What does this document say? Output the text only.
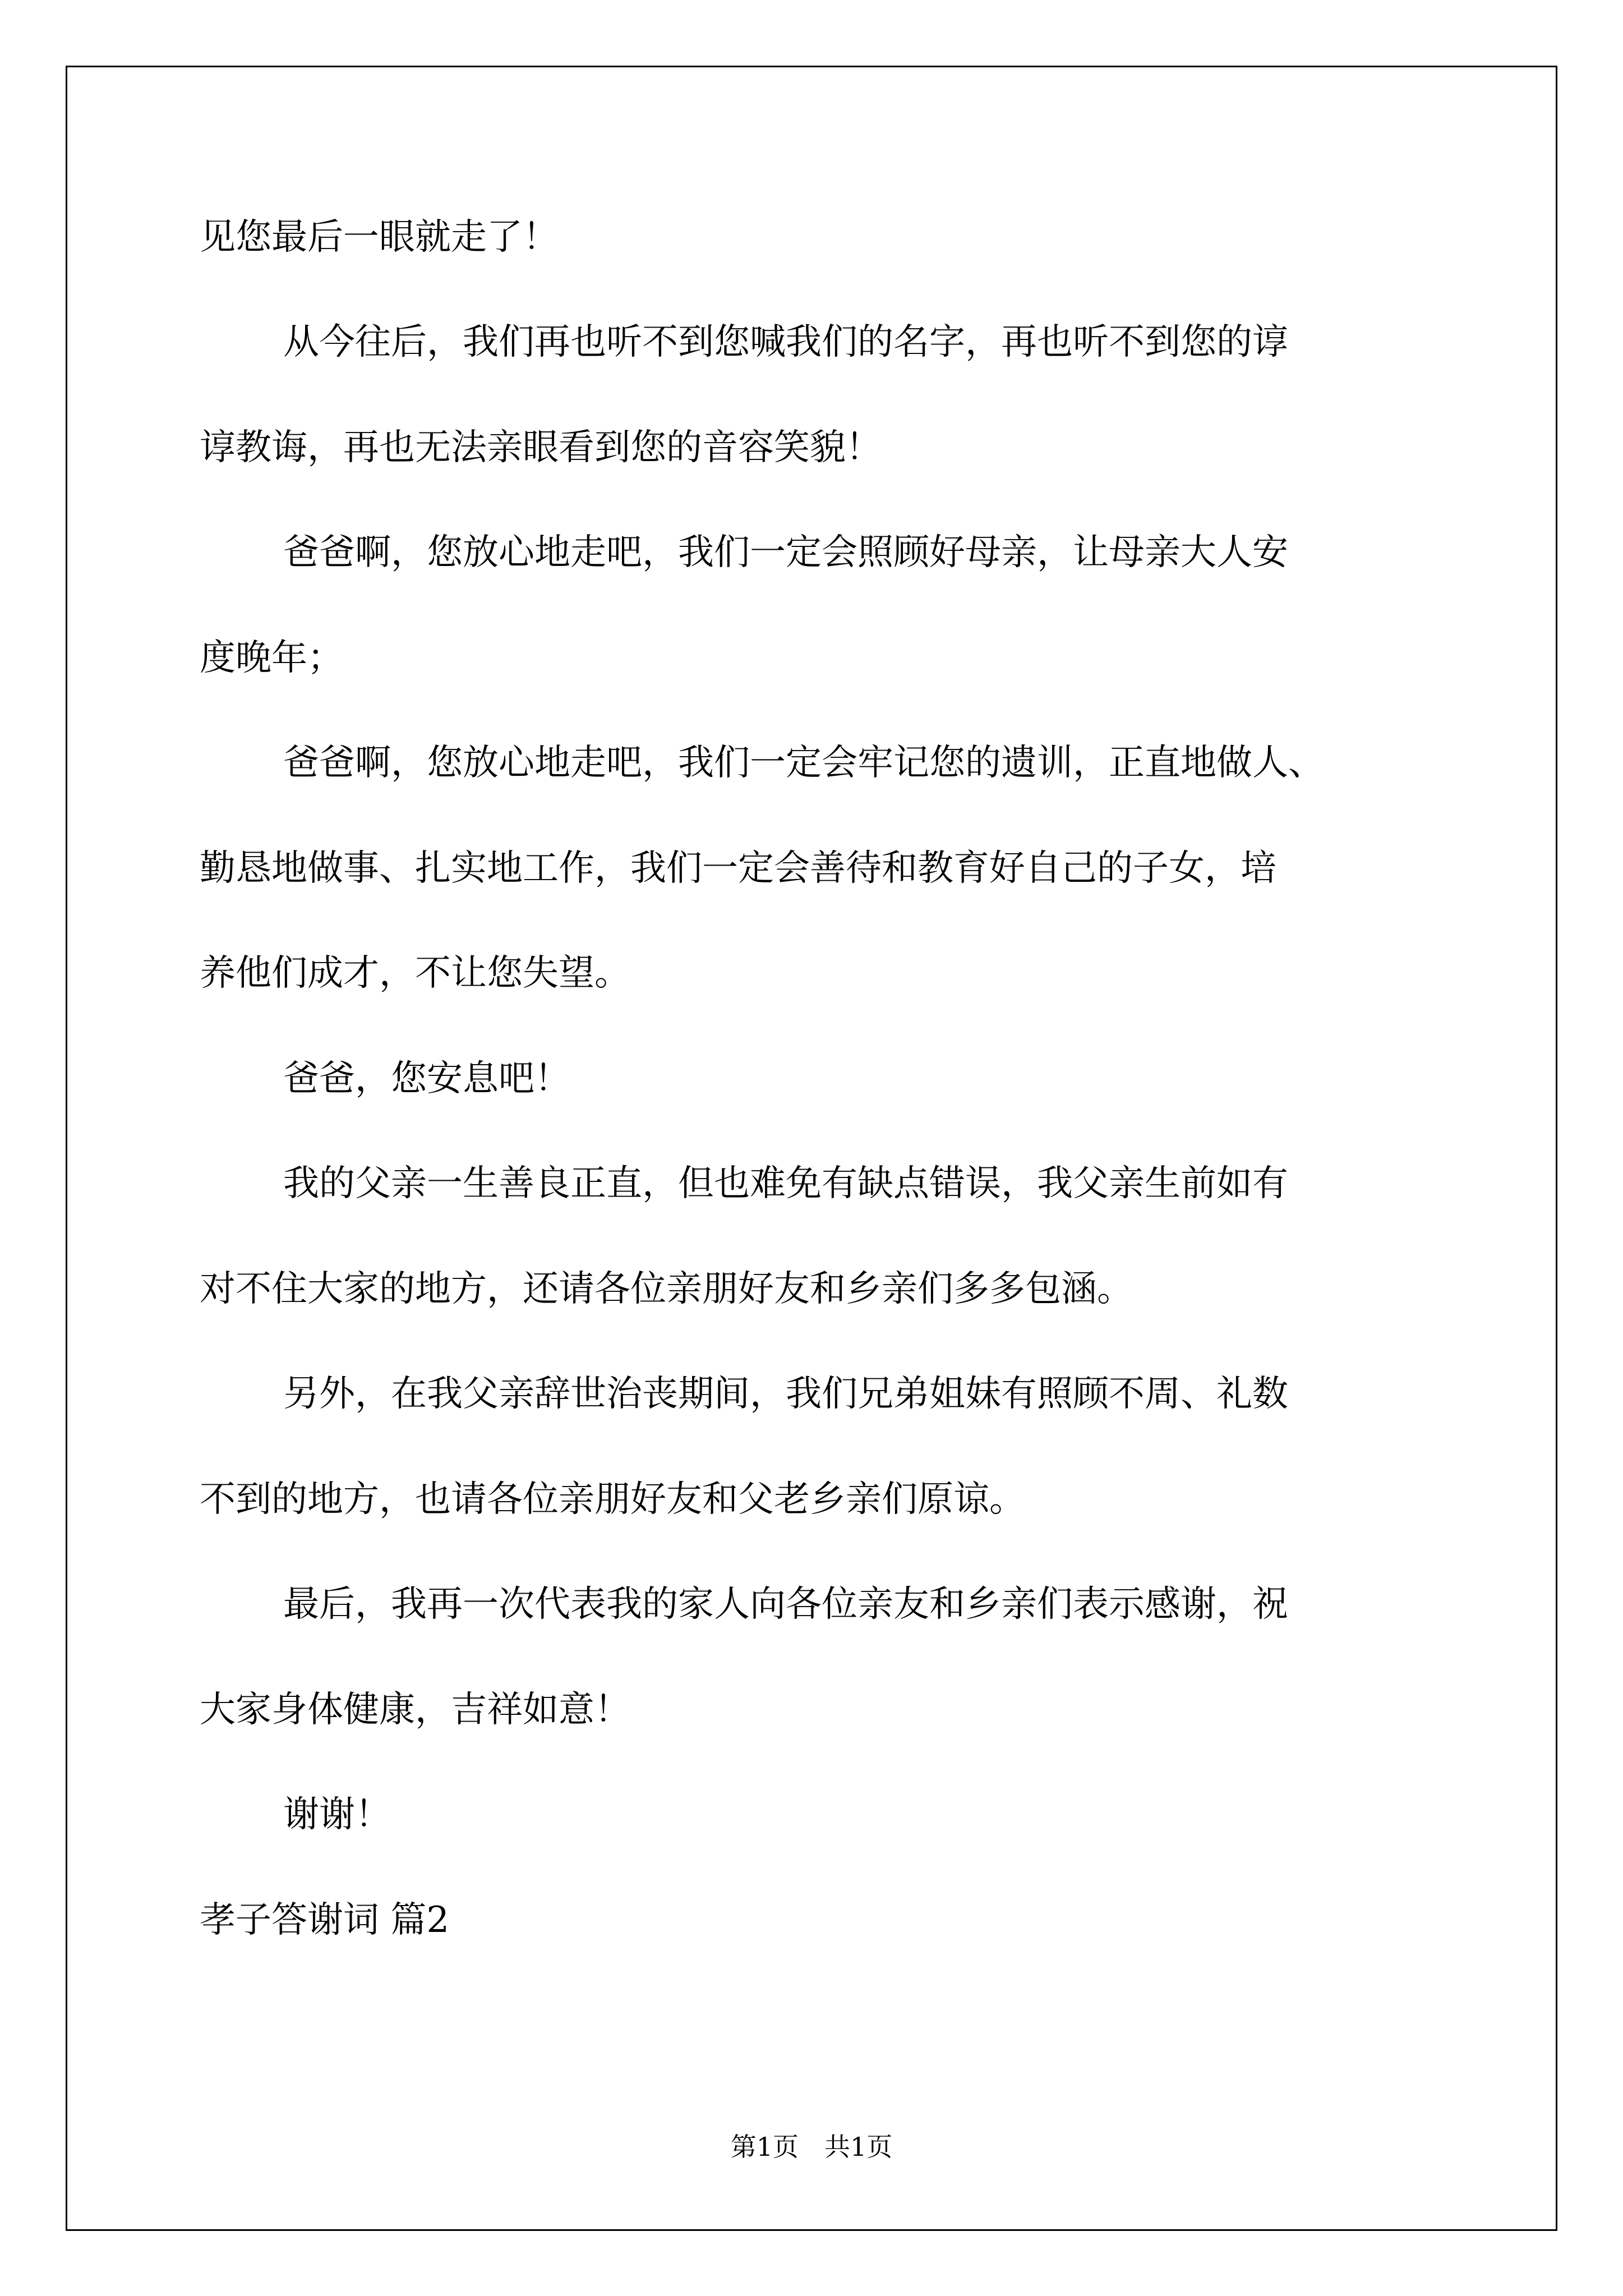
见您最后一眼就走了！
从今往后，我们再也听不到您喊我们的名字，再也听不到您的谆
谆教诲，再也无法亲眼看到您的音容笑貌！
爸爸啊，您放心地走吧，我们一定会照顾好母亲，让母亲大人安
度晚年；
爸爸啊，您放心地走吧，我们一定会牢记您的遗训，正直地做人、
勤恳地做事、扎实地工作，我们一定会善待和教育好自己的子女，培
养他们成才，不让您失望。
爸爸，您安息吧！
我的父亲一生善良正直，但也难免有缺点错误，我父亲生前如有
对不住大家的地方，还请各位亲朋好友和乡亲们多多包涵。
另外，在我父亲辞世治丧期间，我们兄弟姐妹有照顾不周、礼数
不到的地方，也请各位亲朋好友和父老乡亲们原谅。
最后，我再一次代表我的家人向各位亲友和乡亲们表示感谢，祝
大家身体健康，吉祥如意！
谢谢！
孝子答谢词 篇2
第1页　共1页
